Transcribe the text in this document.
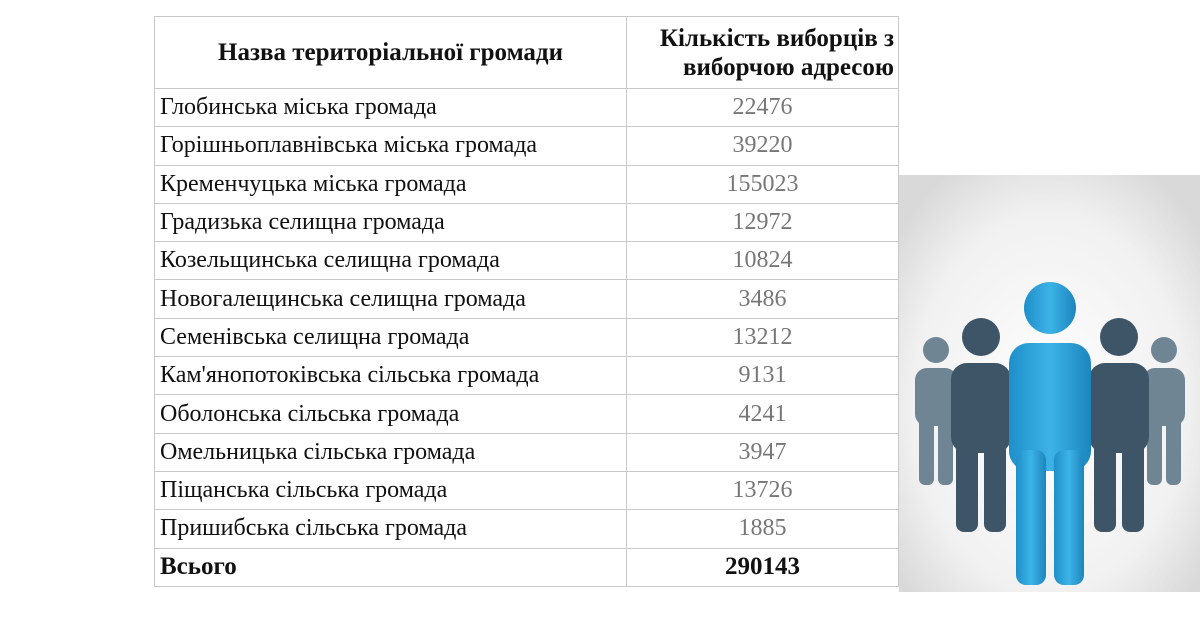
Назва територіальної громади	Кількість виборців з виборчою адресою
Глобинська міська громада	22476
Горішньоплавнівська міська громада	39220
Кременчуцька міська громада	155023
Градизька селищна громада	12972
Козельщинська селищна громада	10824
Новогалещинська селищна громада	3486
Семенівська селищна громада	13212
Кам'янопотоківська сільська громада	9131
Оболонська сільська громада	4241
Омельницька сільська громада	3947
Піщанська сільська громада	13726
Пришибська сільська громада	1885
Всього	290143
